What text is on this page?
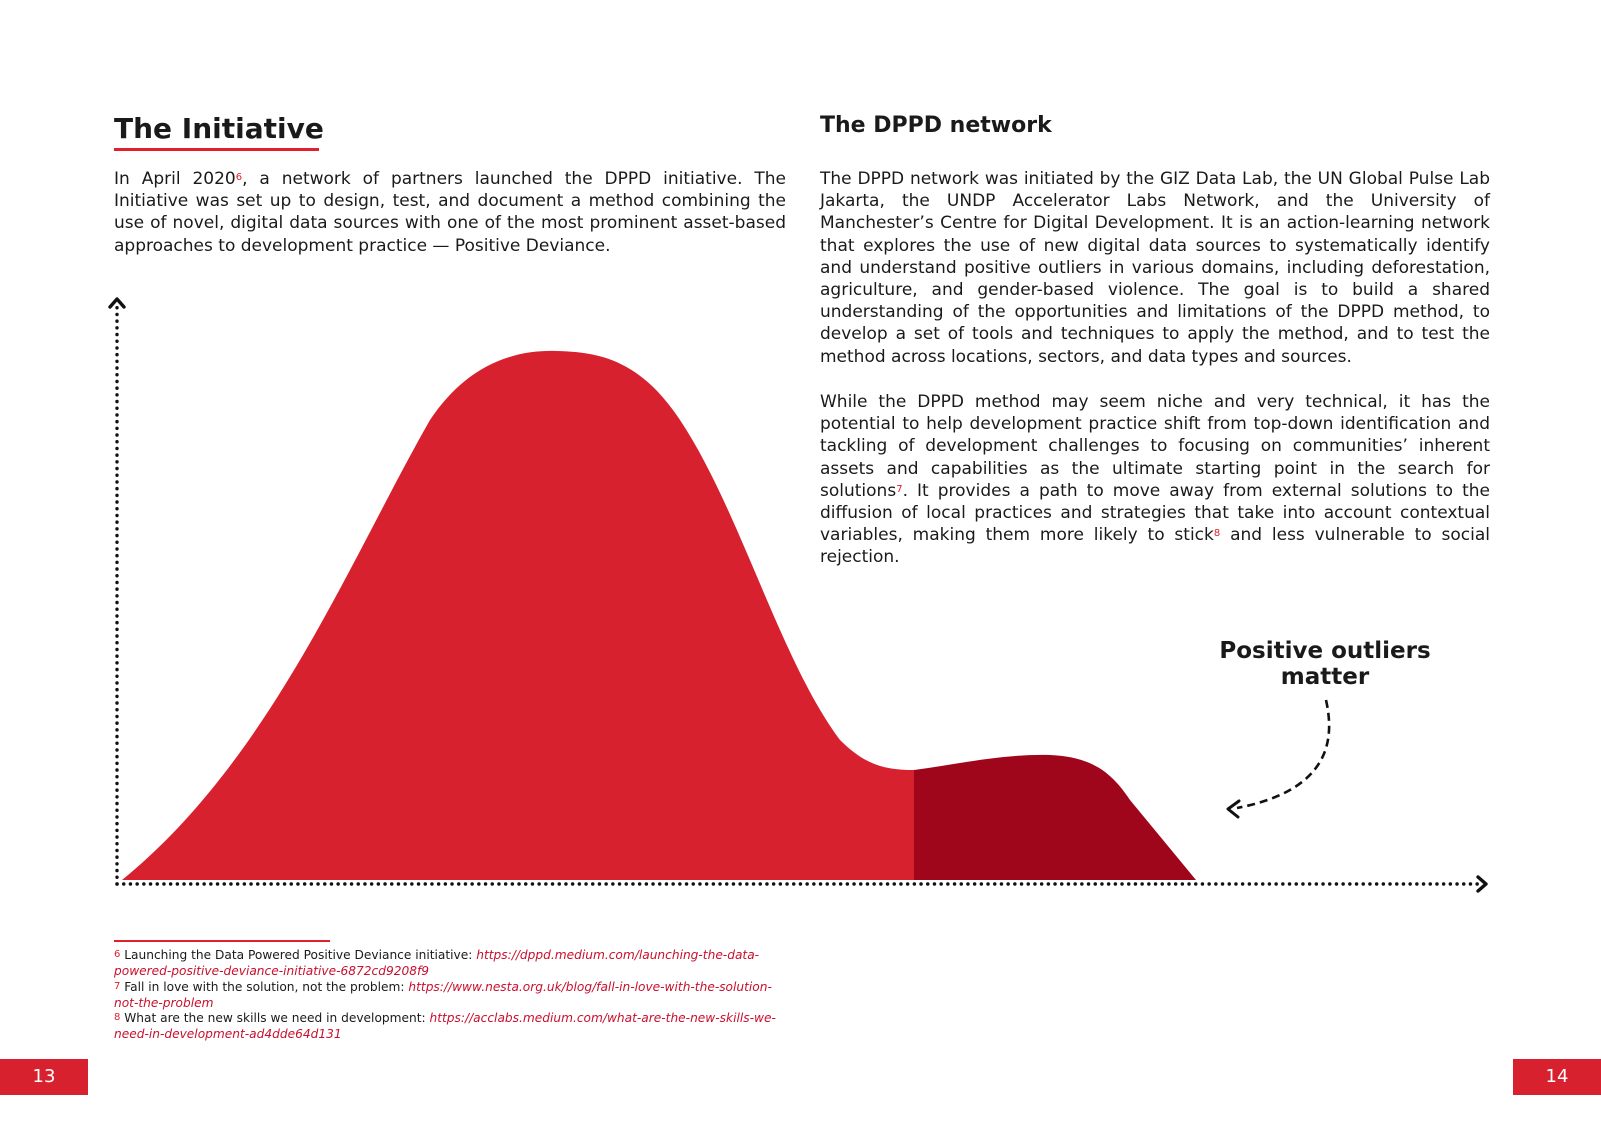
The Initiative

In April 2020$^6$, a network of partners launched the DPPD initiative. The Initiative was set up to design, test, and document a method combining the use of novel, digital data sources with one of the most prominent asset-based approaches to development practice — Positive Deviance.

The DPPD network

The DPPD network was initiated by the GIZ Data Lab, the UN Global Pulse Lab Jakarta, the UNDP Accelerator Labs Network, and the University of Manchester’s Centre for Digital Development. It is an action-learning network that explores the use of new digital data sources to systematically identify and understand positive outliers in various domains, including deforestation, agriculture, and gender-based violence. The goal is to build a shared understanding of the opportunities and limitations of the DPPD method, to develop a set of tools and techniques to apply the method, and to test the method across locations, sectors, and data types and sources.

While the DPPD method may seem niche and very technical, it has the potential to help development practice shift from top-down identification and tackling of development challenges to focusing on communities’ inherent assets and capabilities as the ultimate starting point in the search for solutions$^7$. It provides a path to move away from external solutions to the diffusion of local practices and strategies that take into account contextual variables, making them more likely to stick$^8$ and less vulnerable to social rejection.

Positive outliers matter

$^6$ Launching the Data Powered Positive Deviance initiative: https://dppd.medium.com/launching-the-data-powered-positive-deviance-initiative-6872cd9208f9

$^7$ Fall in love with the solution, not the problem: https://www.nesta.org.uk/blog/fall-in-love-with-the-solution-not-the-problem

$^8$ What are the new skills we need in development: https://acclabs.medium.com/what-are-the-new-skills-we-need-in-development-ad4dde64d131

13	14
